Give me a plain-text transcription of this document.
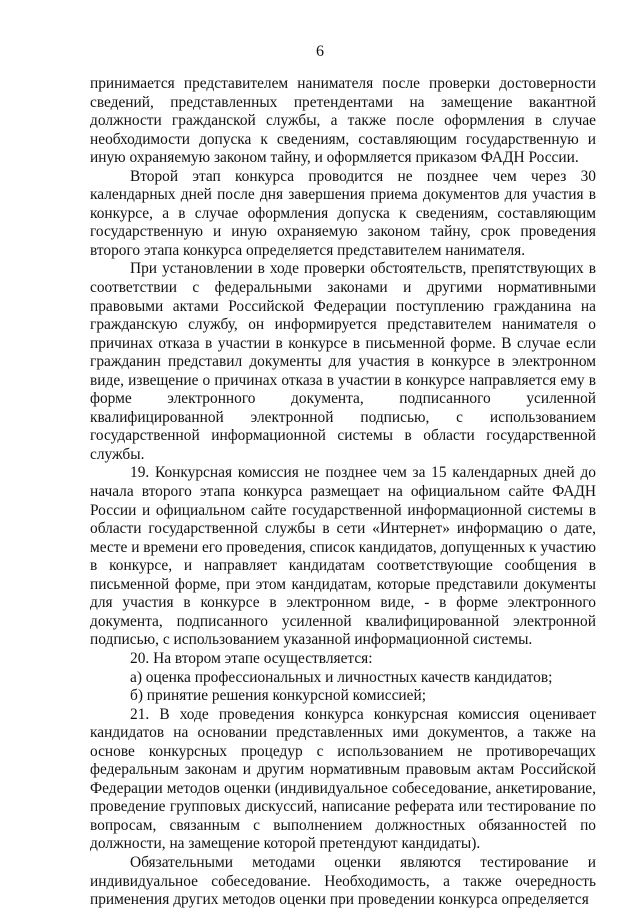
6

принимается представителем нанимателя после проверки достоверности сведений, представленных претендентами на замещение вакантной должности гражданской службы, а также после оформления в случае необходимости допуска к сведениям, составляющим государственную и иную охраняемую законом тайну, и оформляется приказом ФАДН России.

Второй этап конкурса проводится не позднее чем через 30 календарных дней после дня завершения приема документов для участия в конкурсе, а в случае оформления допуска к сведениям, составляющим государственную и иную охраняемую законом тайну, срок проведения второго этапа конкурса определяется представителем нанимателя.

При установлении в ходе проверки обстоятельств, препятствующих в соответствии с федеральными законами и другими нормативными правовыми актами Российской Федерации поступлению гражданина на гражданскую службу, он информируется представителем нанимателя о причинах отказа в участии в конкурсе в письменной форме. В случае если гражданин представил документы для участия в конкурсе в электронном виде, извещение о причинах отказа в участии в конкурсе направляется ему в форме электронного документа, подписанного усиленной квалифицированной электронной подписью, с использованием государственной информационной системы в области государственной службы.

19. Конкурсная комиссия не позднее чем за 15 календарных дней до начала второго этапа конкурса размещает на официальном сайте ФАДН России и официальном сайте государственной информационной системы в области государственной службы в сети «Интернет» информацию о дате, месте и времени его проведения, список кандидатов, допущенных к участию в конкурсе, и направляет кандидатам соответствующие сообщения в письменной форме, при этом кандидатам, которые представили документы для участия в конкурсе в электронном виде, - в форме электронного документа, подписанного усиленной квалифицированной электронной подписью, с использованием указанной информационной системы.

20. На втором этапе осуществляется:

а) оценка профессиональных и личностных качеств кандидатов;

б) принятие решения конкурсной комиссией;

21. В ходе проведения конкурса конкурсная комиссия оценивает кандидатов на основании представленных ими документов, а также на основе конкурсных процедур с использованием не противоречащих федеральным законам и другим нормативным правовым актам Российской Федерации методов оценки (индивидуальное собеседование, анкетирование, проведение групповых дискуссий, написание реферата или тестирование по вопросам, связанным с выполнением должностных обязанностей по должности, на замещение которой претендуют кандидаты).

Обязательными методами оценки являются тестирование и индивидуальное собеседование. Необходимость, а также очередность применения других методов оценки при проведении конкурса определяется
